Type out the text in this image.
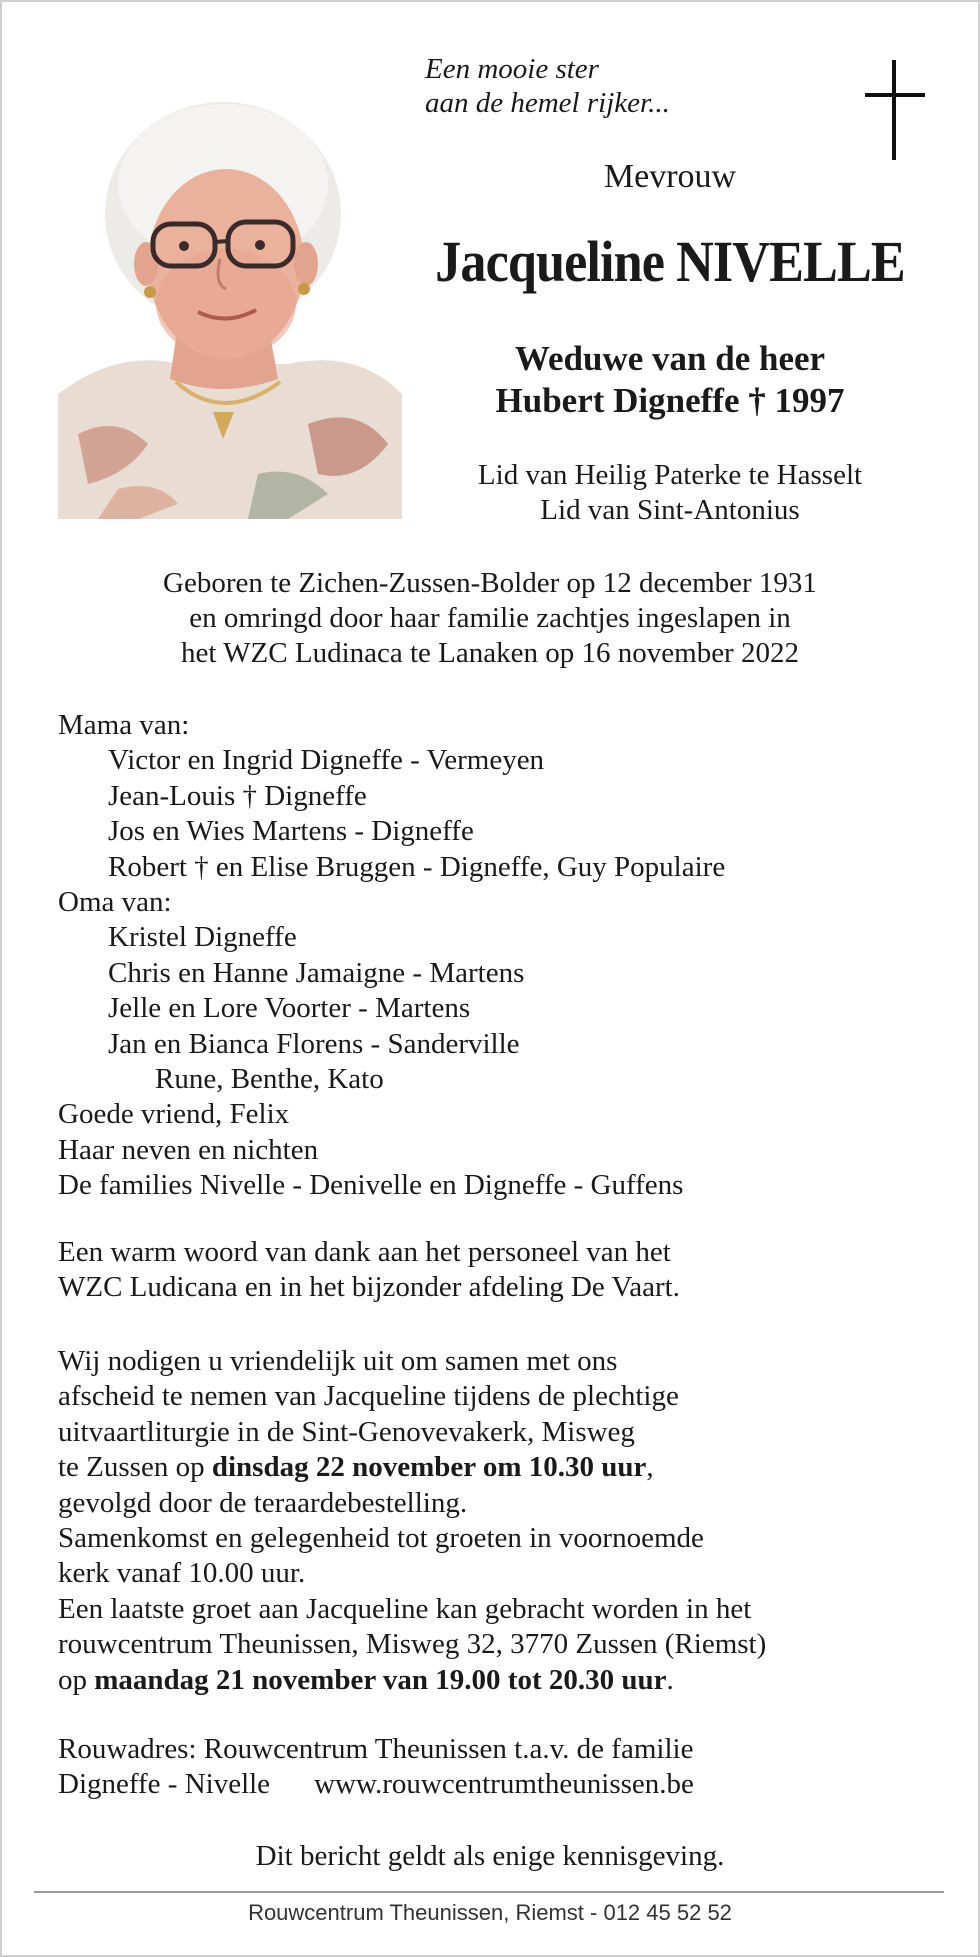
Een mooie ster
aan de hemel rijker...
Mevrouw
Jacqueline NIVELLE
Weduwe van de heer
Hubert Digneffe † 1997
Lid van Heilig Paterke te Hasselt
Lid van Sint-Antonius
Geboren te Zichen-Zussen-Bolder op 12 december 1931
en omringd door haar familie zachtjes ingeslapen in
het WZC Ludinaca te Lanaken op 16 november 2022
Mama van:
Victor en Ingrid Digneffe - Vermeyen
Jean-Louis † Digneffe
Jos en Wies Martens - Digneffe
Robert † en Elise Bruggen - Digneffe, Guy Populaire
Oma van:
Kristel Digneffe
Chris en Hanne Jamaigne - Martens
Jelle en Lore Voorter - Martens
Jan en Bianca Florens - Sanderville
Rune, Benthe, Kato
Goede vriend, Felix
Haar neven en nichten
De families Nivelle - Denivelle en Digneffe - Guffens
Een warm woord van dank aan het personeel van het
WZC Ludicana en in het bijzonder afdeling De Vaart.
Wij nodigen u vriendelijk uit om samen met ons
afscheid te nemen van Jacqueline tijdens de plechtige
uitvaartliturgie in de Sint-Genovevakerk, Misweg
te Zussen op dinsdag 22 november om 10.30 uur,
gevolgd door de teraardebestelling.
Samenkomst en gelegenheid tot groeten in voornoemde
kerk vanaf 10.00 uur.
Een laatste groet aan Jacqueline kan gebracht worden in het
rouwcentrum Theunissen, Misweg 32, 3770 Zussen (Riemst)
op maandag 21 november van 19.00 tot 20.30 uur.
Rouwadres: Rouwcentrum Theunissen t.a.v. de familie
Digneffe - Nivelle www.rouwcentrumtheunissen.be
Dit bericht geldt als enige kennisgeving.
Rouwcentrum Theunissen, Riemst - 012 45 52 52
